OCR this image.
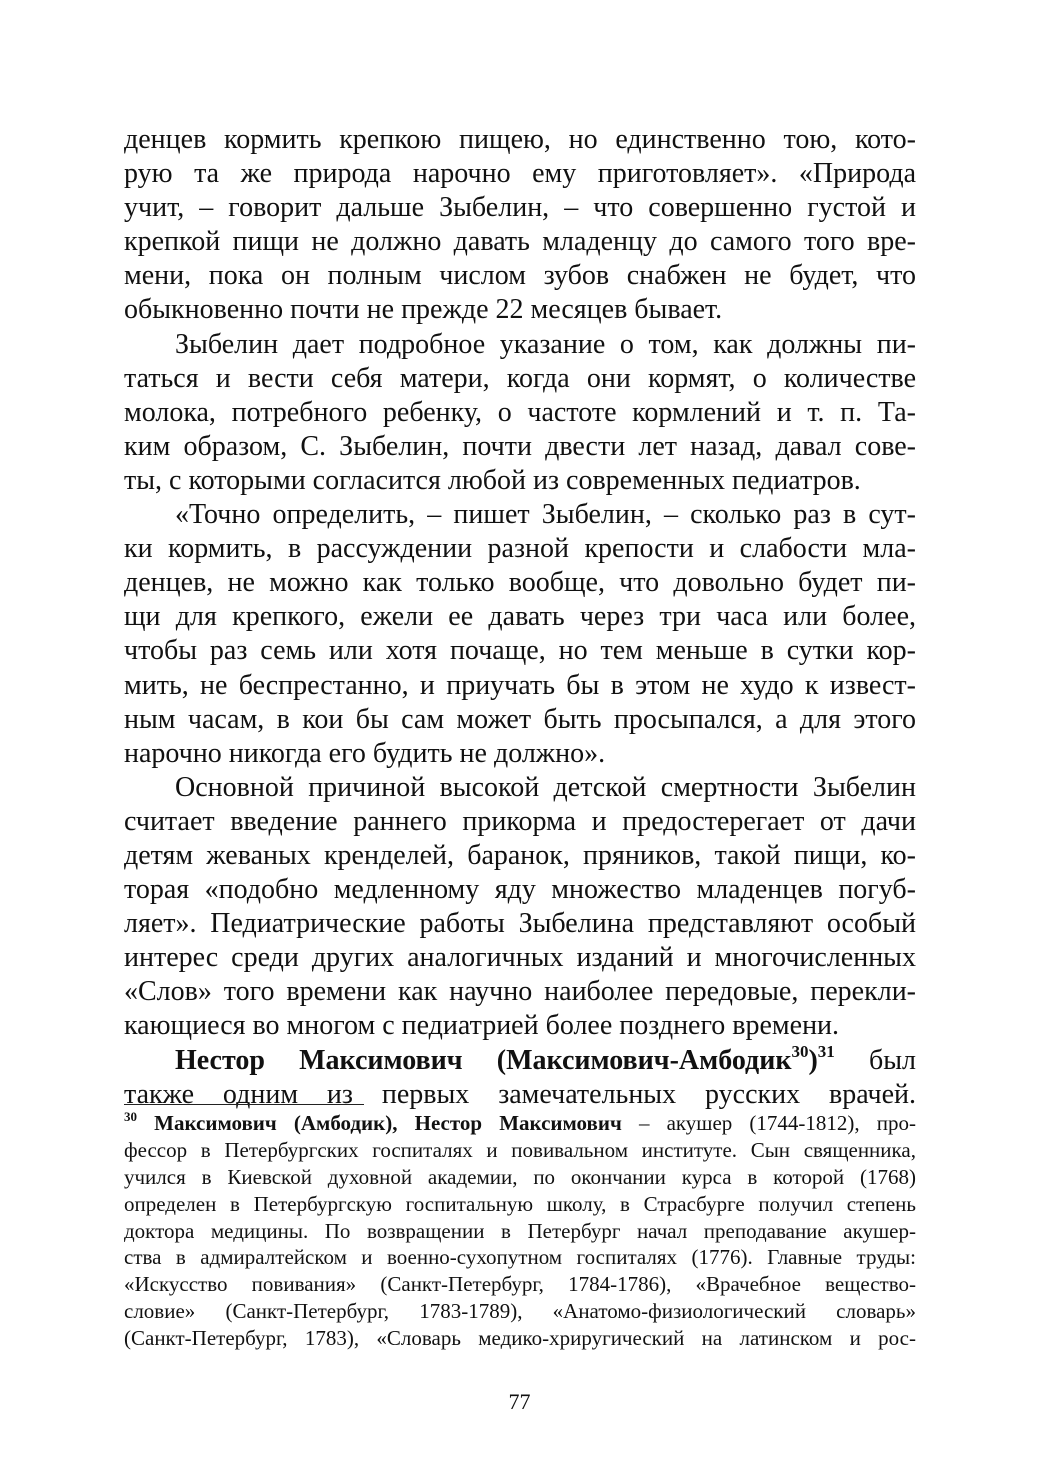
денцев кормить крепкою пищею, но единственно тою, кото-
рую та же природа нарочно ему приготовляет». «Природа
учит, – говорит дальше Зыбелин, – что совершенно густой и
крепкой пищи не должно давать младенцу до самого того вре-
мени, пока он полным числом зубов снабжен не будет, что
обыкновенно почти не прежде 22 месяцев бывает.
Зыбелин дает подробное указание о том, как должны пи-
таться и вести себя матери, когда они кормят, о количестве
молока, потребного ребенку, о частоте кормлений и т. п. Та-
ким образом, С. Зыбелин, почти двести лет назад, давал сове-
ты, с которыми согласится любой из современных педиатров.
«Точно определить, – пишет Зыбелин, – сколько раз в сут-
ки кормить, в рассуждении разной крепости и слабости мла-
денцев, не можно как только вообще, что довольно будет пи-
щи для крепкого, ежели ее давать через три часа или более,
чтобы раз семь или хотя почаще, но тем меньше в сутки кор-
мить, не беспрестанно, и приучать бы в этом не худо к извест-
ным часам, в кои бы сам может быть просыпался, а для этого
нарочно никогда его будить не должно».
Основной причиной высокой детской смертности Зыбелин
считает введение раннего прикорма и предостерегает от дачи
детям жеваных кренделей, баранок, пряников, такой пищи, ко-
торая «подобно медленному яду множество младенцев погуб-
ляет». Педиатрические работы Зыбелина представляют особый
интерес среди других аналогичных изданий и многочисленных
«Слов» того времени как научно наиболее передовые, перекли-
кающиеся во многом с педиатрией более позднего времени.
Нестор Максимович (Максимович-Амбодик$^{30}$)$^{31}$ был
также одним из первых замечательных русских врачей.
$^{30}$ Максимович (Амбодик), Нестор Максимович – акушер (1744-1812), про-
фессор в Петербургских госпиталях и повивальном институте. Сын священника,
учился в Киевской духовной академии, по окончании курса в которой (1768)
определен в Петербургскую госпитальную школу, в Страсбурге получил степень
доктора медицины. По возвращении в Петербург начал преподавание акушер-
ства в адмиралтейском и военно-сухопутном госпиталях (1776). Главные труды:
«Искусство повивания» (Санкт-Петербург, 1784-1786), «Врачебное вещество-
словие» (Санкт-Петербург, 1783-1789), «Анатомо-физиологический словарь»
(Санкт-Петербург, 1783), «Словарь медико-хриругический на латинском и рос-
77
